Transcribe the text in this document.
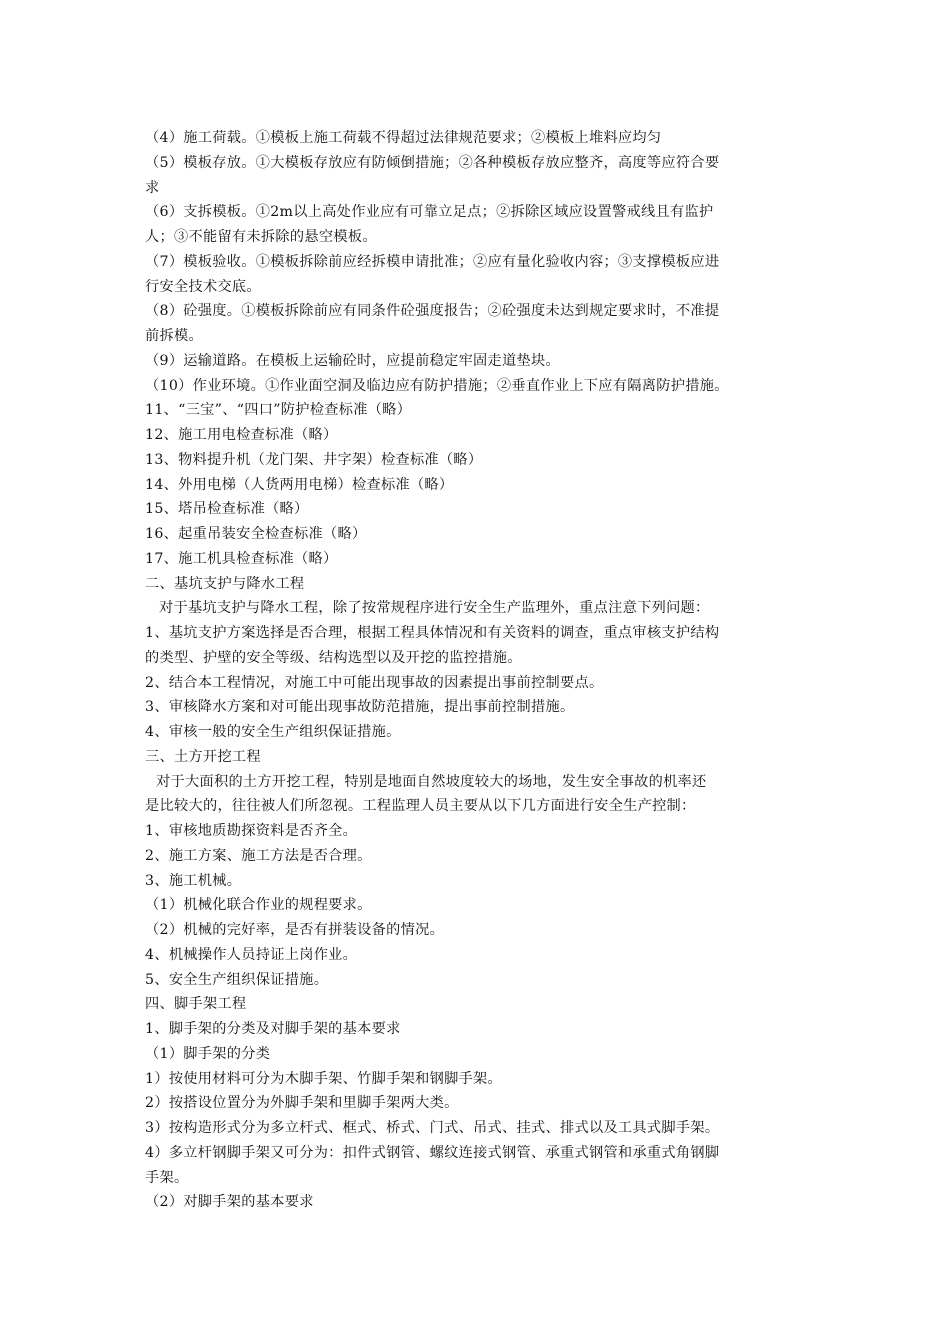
（4）施工荷载。①模板上施工荷载不得超过法律规范要求；②模板上堆料应均匀
（5）模板存放。①大模板存放应有防倾倒措施；②各种模板存放应整齐，高度等应符合要
求
（6）支拆模板。①2m以上高处作业应有可靠立足点；②拆除区域应设置警戒线且有监护
人；③不能留有未拆除的悬空模板。
（7）模板验收。①模板拆除前应经拆模申请批准；②应有量化验收内容；③支撑模板应进
行安全技术交底。
（8）砼强度。①模板拆除前应有同条件砼强度报告；②砼强度未达到规定要求时，不准提
前拆模。
（9）运输道路。在模板上运输砼时，应提前稳定牢固走道垫块。
（10）作业环境。①作业面空洞及临边应有防护措施；②垂直作业上下应有隔离防护措施。
11、“三宝”、“四口”防护检查标准（略）
12、施工用电检查标准（略）
13、物料提升机（龙门架、井字架）检查标准（略）
14、外用电梯（人货两用电梯）检查标准（略）
15、塔吊检查标准（略）
16、起重吊装安全检查标准（略）
17、施工机具检查标准（略）
二、基坑支护与降水工程
对于基坑支护与降水工程，除了按常规程序进行安全生产监理外，重点注意下列问题：
1、基坑支护方案选择是否合理，根据工程具体情况和有关资料的调查，重点审核支护结构
的类型、护壁的安全等级、结构选型以及开挖的监控措施。
2、结合本工程情况，对施工中可能出现事故的因素提出事前控制要点。
3、审核降水方案和对可能出现事故防范措施，提出事前控制措施。
4、审核一般的安全生产组织保证措施。
三、土方开挖工程
对于大面积的土方开挖工程，特别是地面自然坡度较大的场地，发生安全事故的机率还
是比较大的，往往被人们所忽视。工程监理人员主要从以下几方面进行安全生产控制：
1、审核地质勘探资料是否齐全。
2、施工方案、施工方法是否合理。
3、施工机械。
（1）机械化联合作业的规程要求。
（2）机械的完好率，是否有拼装设备的情况。
4、机械操作人员持证上岗作业。
5、安全生产组织保证措施。
四、脚手架工程
1、脚手架的分类及对脚手架的基本要求
（1）脚手架的分类
1）按使用材料可分为木脚手架、竹脚手架和钢脚手架。
2）按搭设位置分为外脚手架和里脚手架两大类。
3）按构造形式分为多立杆式、框式、桥式、门式、吊式、挂式、排式以及工具式脚手架。
4）多立杆钢脚手架又可分为：扣件式钢管、螺纹连接式钢管、承重式钢管和承重式角钢脚
手架。
（2）对脚手架的基本要求
